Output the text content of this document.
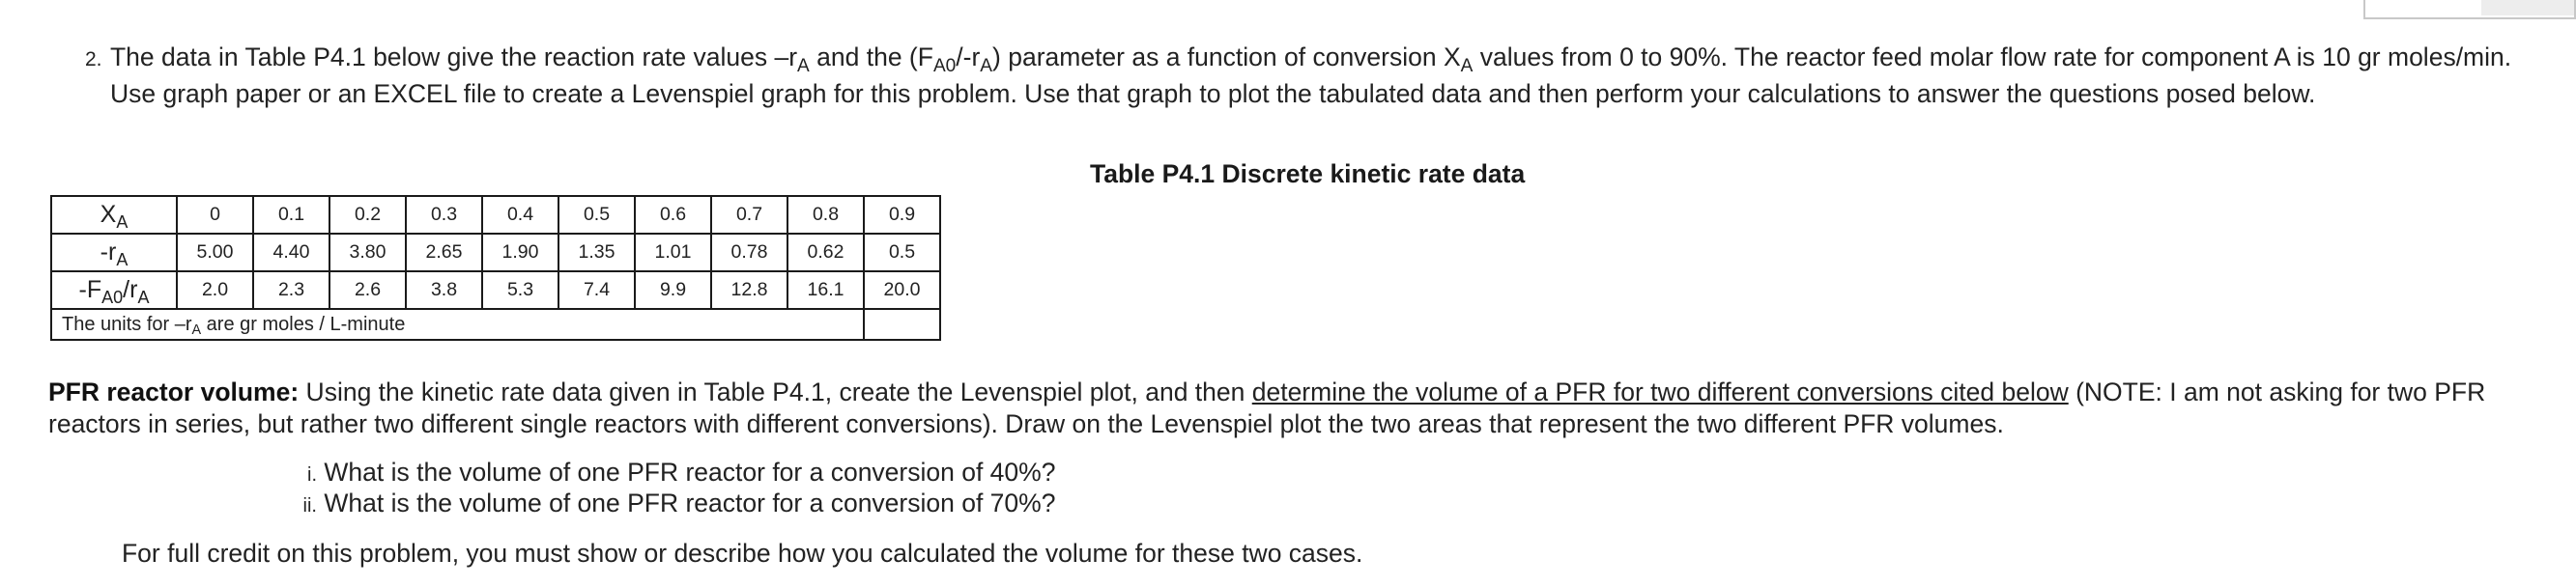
2. The data in Table P4.1 below give the reaction rate values $-r_A$ and the $(F_{A0}/-r_A)$ parameter as a function of conversion $X_A$ values from 0 to 90%. The reactor feed molar flow rate for component A is 10 gr moles/min.
Use graph paper or an EXCEL file to create a Levenspiel graph for this problem. Use that graph to plot the tabulated data and then perform your calculations to answer the questions posed below.
Table P4.1 Discrete kinetic rate data
$X_A$	0	0.1	0.2	0.3	0.4	0.5	0.6	0.7	0.8	0.9
$-r_A$	5.00	4.40	3.80	2.65	1.90	1.35	1.01	0.78	0.62	0.5
$-F_{A0}/r_A$	2.0	2.3	2.6	3.8	5.3	7.4	9.9	12.8	16.1	20.0
The units for $-r_A$ are gr moles / L-minute										
PFR reactor volume: Using the kinetic rate data given in Table P4.1, create the Levenspiel plot, and then determine the volume of a PFR for two different conversions cited below (NOTE: I am not asking for two PFR reactors in series, but rather two different single reactors with different conversions). Draw on the Levenspiel plot the two areas that represent the two different PFR volumes.
i. What is the volume of one PFR reactor for a conversion of 40%?
ii. What is the volume of one PFR reactor for a conversion of 70%?
For full credit on this problem, you must show or describe how you calculated the volume for these two cases.
